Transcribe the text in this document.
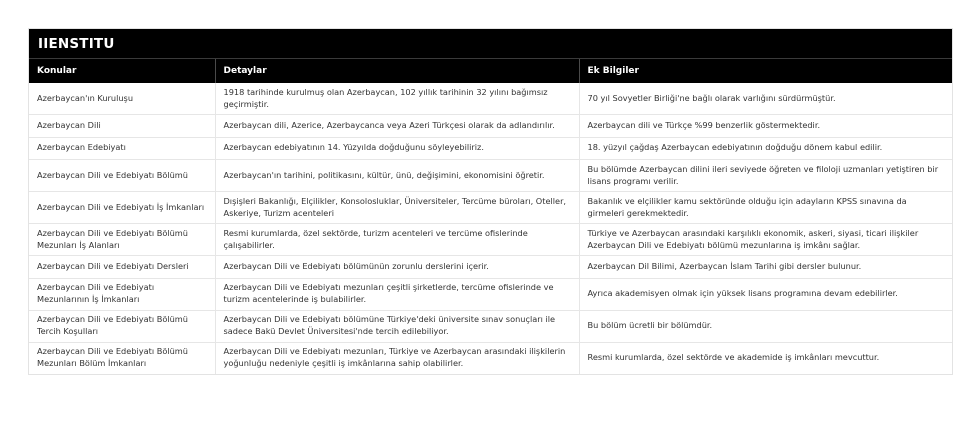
IIENSTITU
Konular	Detaylar	Ek Bilgiler
Azerbaycan'ın Kuruluşu	1918 tarihinde kurulmuş olan Azerbaycan, 102 yıllık tarihinin 32 yılını bağımsız geçirmiştir.	70 yıl Sovyetler Birliği'ne bağlı olarak varlığını sürdürmüştür.
Azerbaycan Dili	Azerbaycan dili, Azerice, Azerbaycanca veya Azeri Türkçesi olarak da adlandırılır.	Azerbaycan dili ve Türkçe %99 benzerlik göstermektedir.
Azerbaycan Edebiyatı	Azerbaycan edebiyatının 14. Yüzyılda doğduğunu söyleyebiliriz.	18. yüzyıl çağdaş Azerbaycan edebiyatının doğduğu dönem kabul edilir.
Azerbaycan Dili ve Edebiyatı Bölümü	Azerbaycan'ın tarihini, politikasını, kültür, ünü, değişimini, ekonomisini öğretir.	Bu bölümde Azerbaycan dilini ileri seviyede öğreten ve filoloji uzmanları yetiştiren bir lisans programı verilir.
Azerbaycan Dili ve Edebiyatı İş İmkanları	Dışişleri Bakanlığı, Elçilikler, Konsolosluklar, Üniversiteler, Tercüme büroları, Oteller, Askeriye, Turizm acenteleri	Bakanlık ve elçilikler kamu sektöründe olduğu için adayların KPSS sınavına da girmeleri gerekmektedir.
Azerbaycan Dili ve Edebiyatı Bölümü Mezunları İş Alanları	Resmi kurumlarda, özel sektörde, turizm acenteleri ve tercüme ofislerinde çalışabilirler.	Türkiye ve Azerbaycan arasındaki karşılıklı ekonomik, askeri, siyasi, ticari ilişkiler Azerbaycan Dili ve Edebiyatı bölümü mezunlarına iş imkânı sağlar.
Azerbaycan Dili ve Edebiyatı Dersleri	Azerbaycan Dili ve Edebiyatı bölümünün zorunlu derslerini içerir.	Azerbaycan Dil Bilimi, Azerbaycan İslam Tarihi gibi dersler bulunur.
Azerbaycan Dili ve Edebiyatı Mezunlarının İş İmkanları	Azerbaycan Dili ve Edebiyatı mezunları çeşitli şirketlerde, tercüme ofislerinde ve turizm acentelerinde iş bulabilirler.	Ayrıca akademisyen olmak için yüksek lisans programına devam edebilirler.
Azerbaycan Dili ve Edebiyatı Bölümü Tercih Koşulları	Azerbaycan Dili ve Edebiyatı bölümüne Türkiye'deki üniversite sınav sonuçları ile sadece Bakü Devlet Üniversitesi'nde tercih edilebiliyor.	Bu bölüm ücretli bir bölümdür.
Azerbaycan Dili ve Edebiyatı Bölümü Mezunları Bölüm İmkanları	Azerbaycan Dili ve Edebiyatı mezunları, Türkiye ve Azerbaycan arasındaki ilişkilerin yoğunluğu nedeniyle çeşitli iş imkânlarına sahip olabilirler.	Resmi kurumlarda, özel sektörde ve akademide iş imkânları mevcuttur.
